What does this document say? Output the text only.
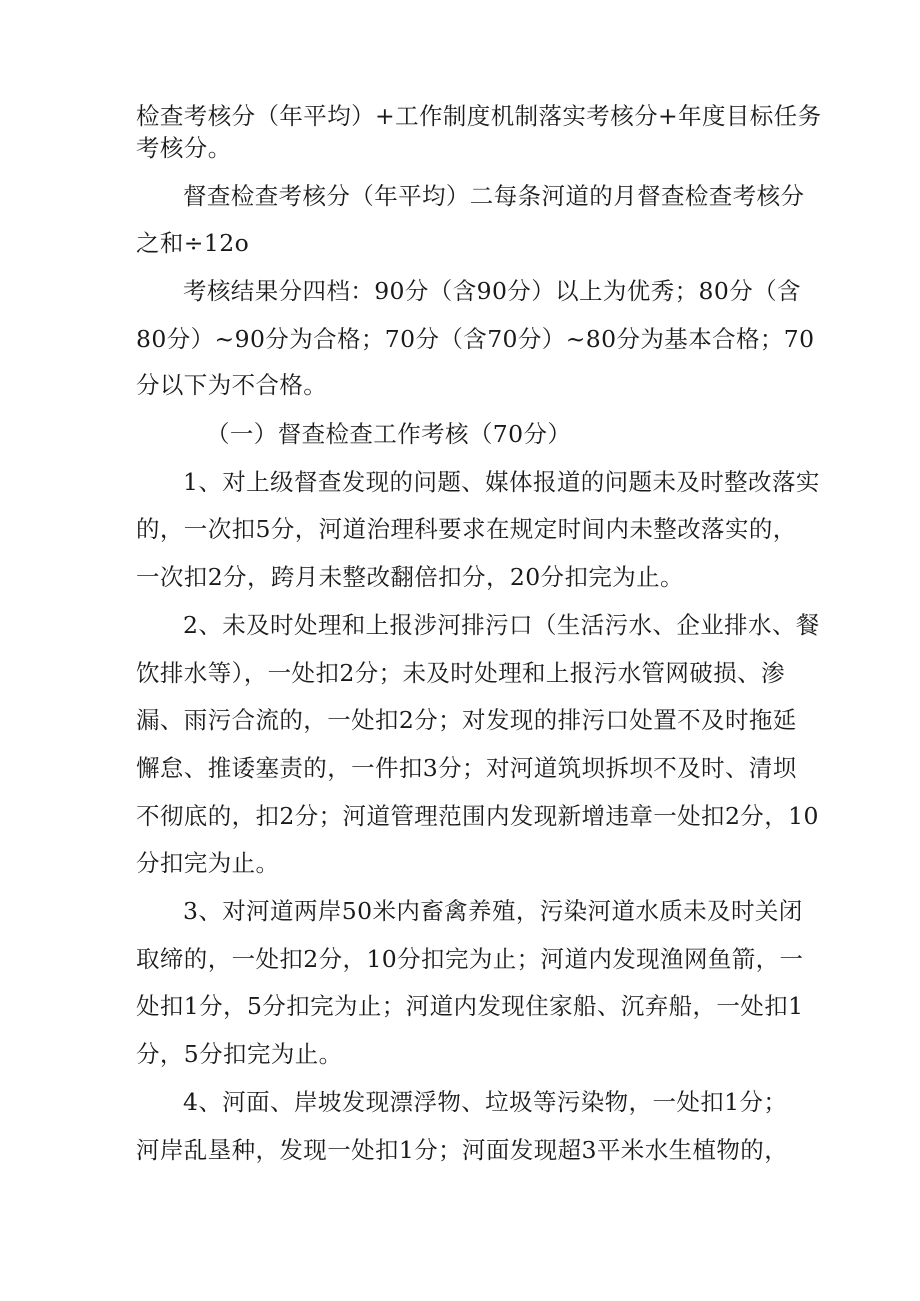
检查考核分（年平均）+工作制度机制落实考核分+年度目标任务
考核分。
督查检查考核分（年平均）二每条河道的月督查检查考核分
之和÷12o
考核结果分四档：90分（含90分）以上为优秀；80分（含
80分）~90分为合格；70分（含70分）~80分为基本合格；70
分以下为不合格。
（一）督查检查工作考核（70分）
1、对上级督查发现的问题、媒体报道的问题未及时整改落实
的，一次扣5分，河道治理科要求在规定时间内未整改落实的，
一次扣2分，跨月未整改翻倍扣分，20分扣完为止。
2、未及时处理和上报涉河排污口（生活污水、企业排水、餐
饮排水等），一处扣2分；未及时处理和上报污水管网破损、渗
漏、雨污合流的，一处扣2分；对发现的排污口处置不及时拖延
懈怠、推诿塞责的，一件扣3分；对河道筑坝拆坝不及时、清坝
不彻底的，扣2分；河道管理范围内发现新增违章一处扣2分，10
分扣完为止。
3、对河道两岸50米内畜禽养殖，污染河道水质未及时关闭
取缔的，一处扣2分，10分扣完为止；河道内发现渔网鱼箭，一
处扣1分，5分扣完为止；河道内发现住家船、沉弃船，一处扣1
分，5分扣完为止。
4、河面、岸坡发现漂浮物、垃圾等污染物，一处扣1分；
河岸乱垦种，发现一处扣1分；河面发现超3平米水生植物的，
